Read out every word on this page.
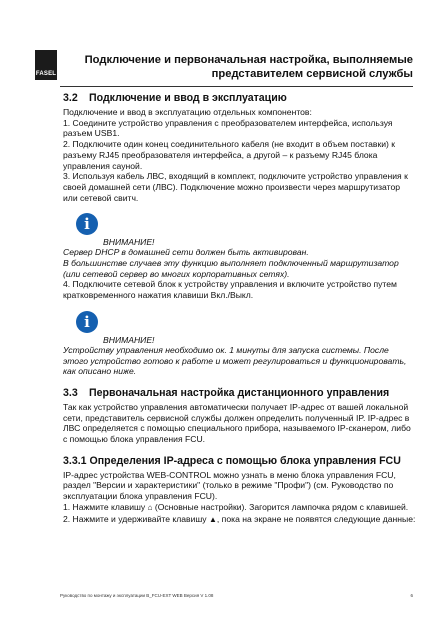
FASEL
Подключение и первоначальная настройка, выполняемые
представителем сервисной службы
3.2 Подключение и ввод в эксплуатацию

Подключение и ввод в эксплуатацию отдельных компонентов:

1. Соедините устройство управления с преобразователем интерфейса, используя разъем USB1.

2. Подключите один конец соединительного кабеля (не входит в объем поставки) к разъему RJ45 преобразователя интерфейса, а другой – к разъему RJ45 блока управления сауной.

3. Используя кабель ЛВС, входящий в комплект, подключите устройство управления к своей домашней сети (ЛВС). Подключение можно произвести через маршрутизатор или сетевой свитч.

i
ВНИМАНИЕ!

Сервер DHCP в домашней сети должен быть активирован.

В большинстве случаев эту функцию выполняет подключенный маршрутизатор (или сетевой сервер во многих корпоративных сетях).

4. Подключите сетевой блок к устройству управления и включите устройство путем кратковременного нажатия клавиши Вкл./Выкл.

i
ВНИМАНИЕ!

Устройству управления необходимо ок. 1 минуты для запуска системы. После этого устройство готово к работе и может регулироваться и функционировать, как описано ниже.

3.3 Первоначальная настройка дистанционного управления

Так как устройство управления автоматически получает IP-адрес от вашей локальной сети, представитель сервисной службы должен определить полученный IP. IP-адрес в ЛВС определяется с помощью специального прибора, называемого IP-сканером, либо с помощью блока управления FCU.

3.3.1 Определения IP-адреса с помощью блока управления FCU

IP-адрес устройства WEB-CONTROL можно узнать в меню блока управления FCU, раздел "Версии и характеристики" (только в режиме "Профи") (см. Руководство по эксплуатации блока управления FCU).

1. Нажмите клавишу ⌂ (Основные настройки). Загорится лампочка рядом с клавишей.

2. Нажмите и удерживайте клавишу ▲, пока на экране не появятся следующие данные:

Руководство по монтажу и эксплуатации B_FCU-EXT WEB Версия V 1.08	6
